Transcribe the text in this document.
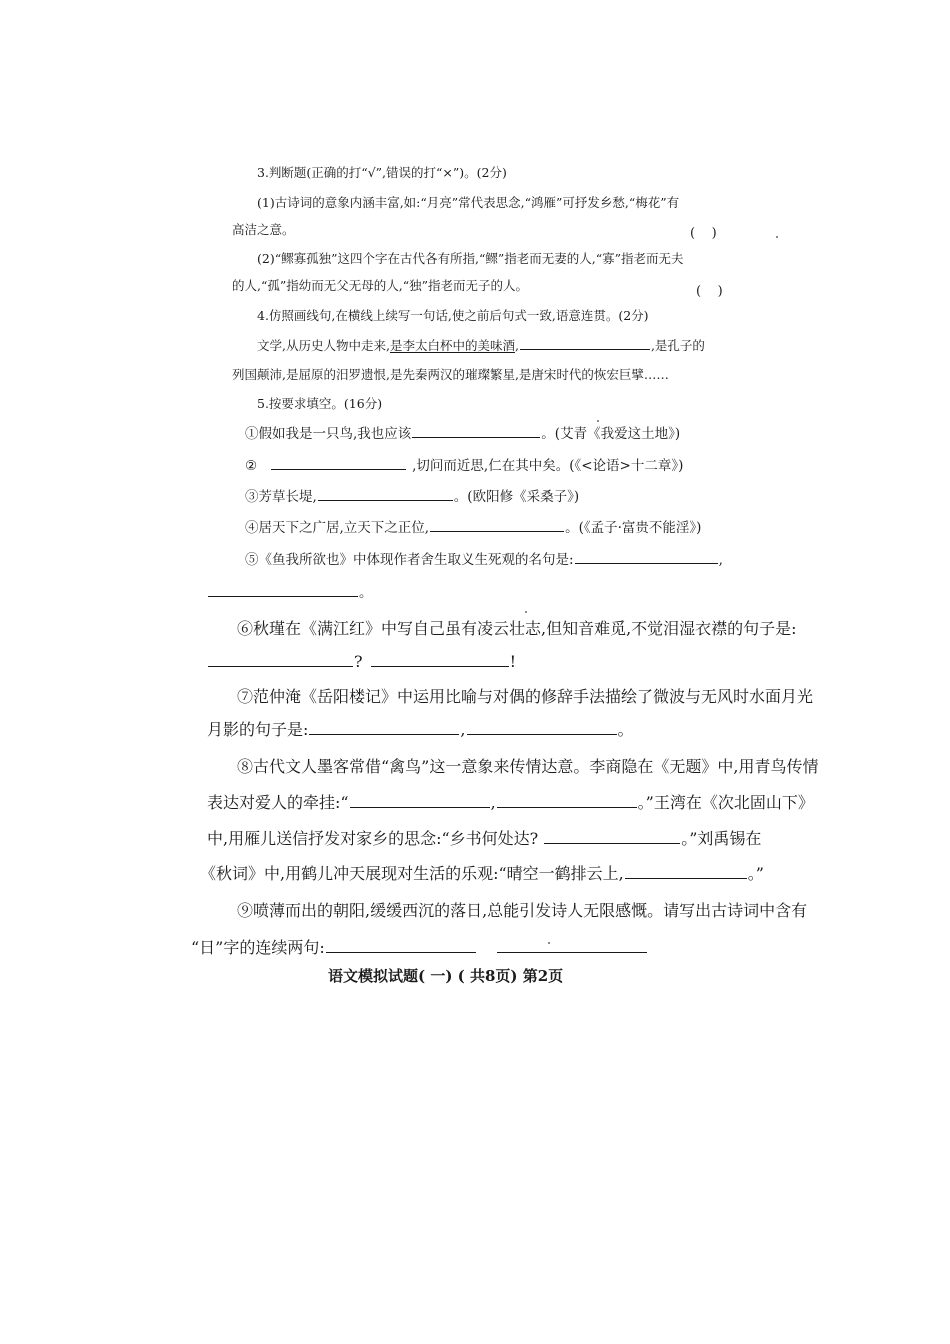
3.判断题(正确的打“√”,错误的打“×”)。(2分)
(1)古诗词的意象内涵丰富,如:“月亮”常代表思念,“鸿雁”可抒发乡愁,“梅花”有
高洁之意。	(    )
(2)“鳏寡孤独”这四个字在古代各有所指,“鳏”指老而无妻的人,“寡”指老而无夫
的人,“孤”指幼而无父无母的人,“独”指老而无子的人。	(    )
4.仿照画线句,在横线上续写一句话,使之前后句式一致,语意连贯。(2分)
文学,从历史人物中走来,是李太白杯中的美味酒,	,是孔子的
列国颠沛,是屈原的汨罗遗恨,是先秦两汉的璀璨繁星,是唐宋时代的恢宏巨擘……
5.按要求填空。(16分)
①假如我是一只鸟,我也应该	。(艾青《我爱这土地》)
②	,切问而近思,仁在其中矣。(《<论语>十二章》)
③芳草长堤,	。(欧阳修《采桑子》)
④居天下之广居,立天下之正位,	。(《孟子·富贵不能淫》)
⑤《鱼我所欲也》中体现作者舍生取义生死观的名句是:	,
。
⑥秋瑾在《满江红》中写自己虽有凌云壮志,但知音难觅,不觉泪湿衣襟的句子是:
?	!
⑦范仲淹《岳阳楼记》中运用比喻与对偶的修辞手法描绘了微波与无风时水面月光
月影的句子是:	,	。
⑧古代文人墨客常借“禽鸟”这一意象来传情达意。李商隐在《无题》中,用青鸟传情
表达对爱人的牵挂:“	,	。”王湾在《次北固山下》
中,用雁儿送信抒发对家乡的思念:“乡书何处达?	。”刘禹锡在
《秋词》中,用鹤儿冲天展现对生活的乐观:“晴空一鹤排云上,	。”
⑨喷薄而出的朝阳,缓缓西沉的落日,总能引发诗人无限感慨。请写出古诗词中含有
“日”字的连续两句:
语文模拟试题( 一) ( 共8页) 第2页
